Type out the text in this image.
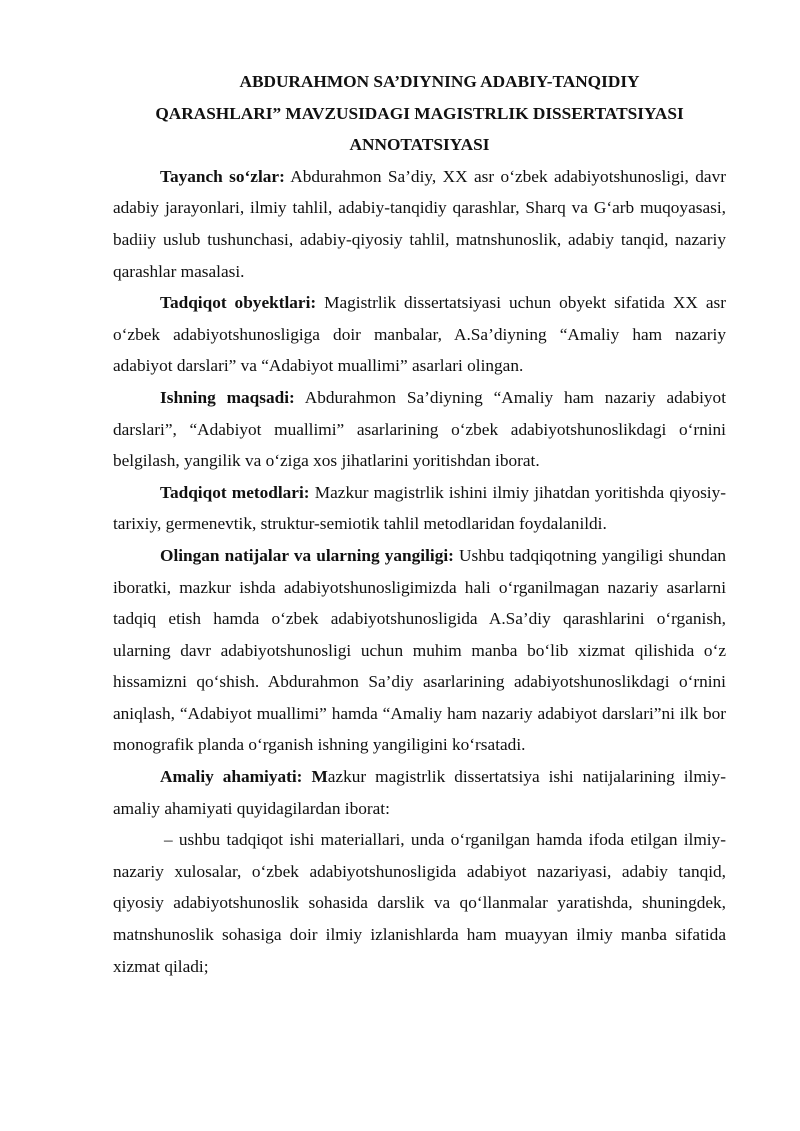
ABDURAHMON SA’DIYNING ADABIY-TANQIDIY
QARASHLARI” MAVZUSIDAGI MAGISTRLIK DISSERTATSIYASI
ANNOTATSIYASI

Tayanch so‘zlar: Abdurahmon Sa’diy, XX asr o‘zbek adabiyotshunosligi, davr adabiy jarayonlari, ilmiy tahlil, adabiy-tanqidiy qarashlar, Sharq va G‘arb muqoyasasi, badiiy uslub tushunchasi, adabiy-qiyosiy tahlil, matnshunoslik, adabiy tanqid, nazariy qarashlar masalasi.

Tadqiqot obyektlari: Magistrlik dissertatsiyasi uchun obyekt sifatida XX asr o‘zbek adabiyotshunosligiga doir manbalar, A.Sa’diyning “Amaliy ham nazariy adabiyot darslari” va “Adabiyot muallimi” asarlari olingan.

Ishning maqsadi: Abdurahmon Sa’diyning “Amaliy ham nazariy adabiyot darslari”, “Adabiyot muallimi” asarlarining o‘zbek adabiyotshunoslikdagi o‘rnini belgilash, yangilik va o‘ziga xos jihatlarini yoritishdan iborat.

Tadqiqot metodlari: Mazkur magistrlik ishini ilmiy jihatdan yoritishda qiyosiy-tarixiy, germenevtik, struktur-semiotik tahlil metodlaridan foydalanildi.

Olingan natijalar va ularning yangiligi: Ushbu tadqiqotning yangiligi shundan iboratki, mazkur ishda adabiyotshunosligimizda hali o‘rganilmagan nazariy asarlarni tadqiq etish hamda o‘zbek adabiyotshunosligida A.Sa’diy qarashlarini o‘rganish, ularning davr adabiyotshunosligi uchun muhim manba bo‘lib xizmat qilishida o‘z hissamizni qo‘shish. Abdurahmon Sa’diy asarlarining adabiyotshunoslikdagi o‘rnini aniqlash, “Adabiyot muallimi” hamda “Amaliy ham nazariy adabiyot darslari”ni ilk bor monografik planda o‘rganish ishning yangiligini ko‘rsatadi.

Amaliy ahamiyati: Mazkur magistrlik dissertatsiya ishi natijalarining ilmiy-amaliy ahamiyati quyidagilardan iborat:

– ushbu tadqiqot ishi materiallari, unda o‘rganilgan hamda ifoda etilgan ilmiy-nazariy xulosalar, o‘zbek adabiyotshunosligida adabiyot nazariyasi, adabiy tanqid, qiyosiy adabiyotshunoslik sohasida darslik va qo‘llanmalar yaratishda, shuningdek, matnshunoslik sohasiga doir ilmiy izlanishlarda ham muayyan ilmiy manba sifatida xizmat qiladi;
